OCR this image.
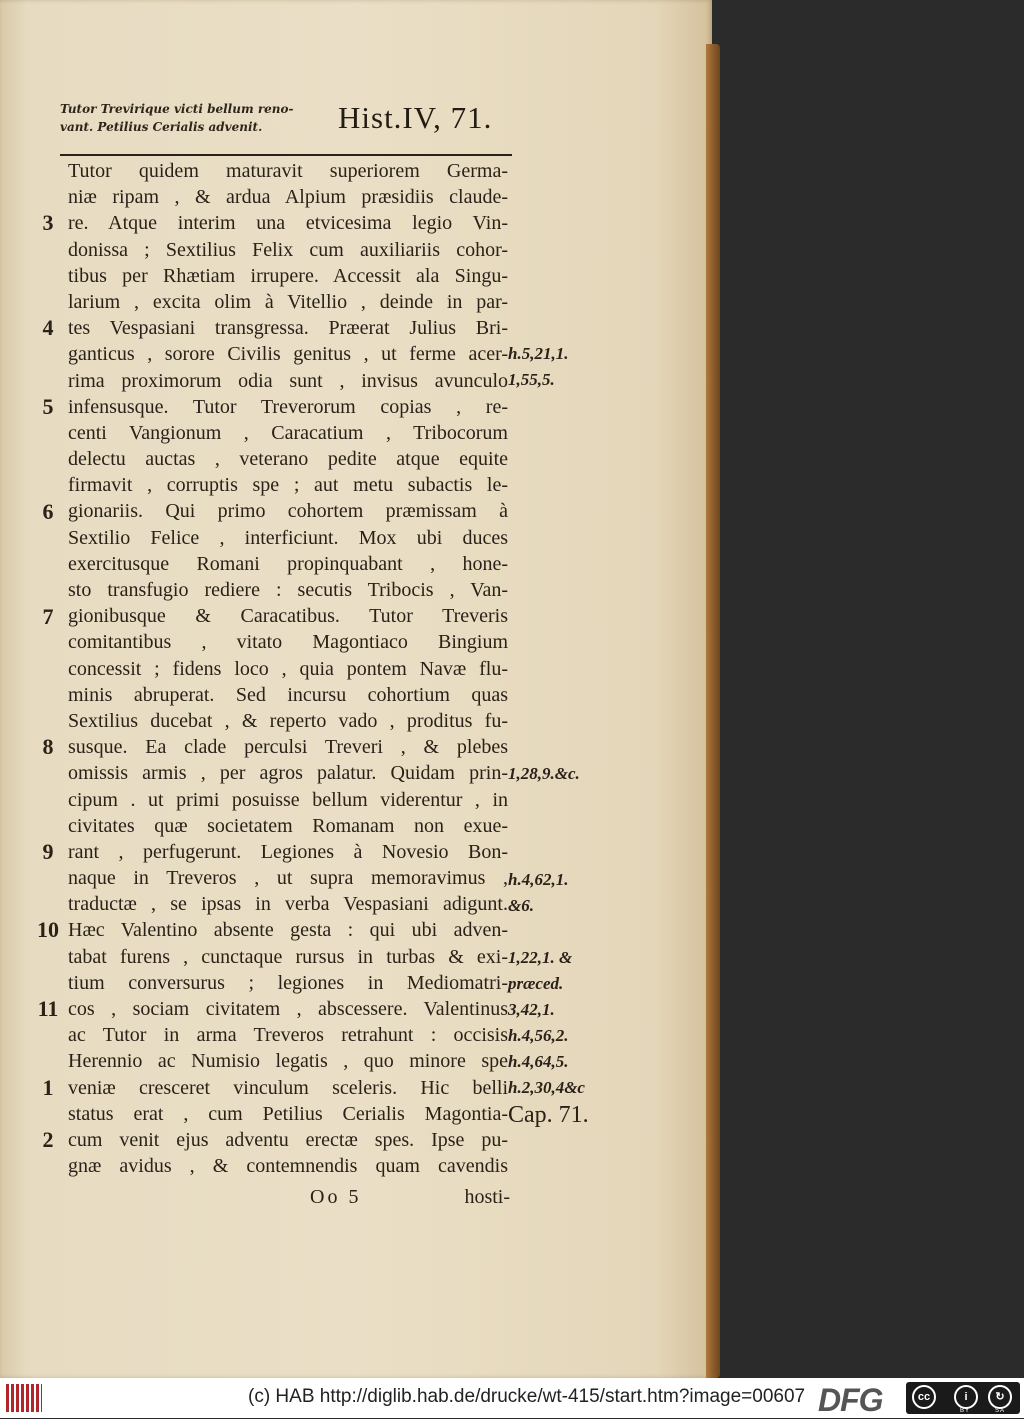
Tutor Trevirique victi bellum reno-
vant. Petilius Cerialis advenit.	Hist.IV, 71.
3
4
5
6
7
8
9
10
11
1
2
Tutor quidem maturavit superiorem Germa-
niæ ripam , & ardua Alpium præsidiis claude-
re. Atque interim una etvicesima legio Vin-
donissa ; Sextilius Felix cum auxiliariis cohor-
tibus per Rhætiam irrupere. Accessit ala Singu-
larium , excita olim à Vitellio , deinde in par-
tes Vespasiani transgressa. Præerat Julius Bri-
ganticus , sorore Civilis genitus , ut ferme acer-
rima proximorum odia sunt , invisus avunculo
infensusque. Tutor Treverorum copias , re-
centi Vangionum , Caracatium , Tribocorum
delectu auctas , veterano pedite atque equite
firmavit , corruptis spe ; aut metu subactis le-
gionariis. Qui primo cohortem præmissam à
Sextilio Felice , interficiunt. Mox ubi duces
exercitusque Romani propinquabant , hone-
sto transfugio rediere : secutis Tribocis , Van-
gionibusque & Caracatibus. Tutor Treveris
comitantibus , vitato Magontiaco Bingium
concessit ; fidens loco , quia pontem Navæ flu-
minis abruperat. Sed incursu cohortium quas
Sextilius ducebat , & reperto vado , proditus fu-
susque. Ea clade perculsi Treveri , & plebes
omissis armis , per agros palatur. Quidam prin-
cipum . ut primi posuisse bellum viderentur , in
civitates quæ societatem Romanam non exue-
rant , perfugerunt. Legiones à Novesio Bon-
naque in Treveros , ut supra memoravimus ,
traductæ , se ipsas in verba Vespasiani adigunt.
Hæc Valentino absente gesta : qui ubi adven-
tabat furens , cunctaque rursus in turbas & exi-
tium conversurus ; legiones in Mediomatri-
cos , sociam civitatem , abscessere. Valentinus
ac Tutor in arma Treveros retrahunt : occisis
Herennio ac Numisio legatis , quo minore spe
veniæ cresceret vinculum sceleris. Hic belli
status erat , cum Petilius Cerialis Magontia-
cum venit ejus adventu erectæ spes. Ipse pu-
gnæ avidus , & contemnendis quam cavendis
h.5,21,1.
1,55,5.
1,28,9.&c.
h.4,62,1.
&6.
1,22,1. &
præced.
3,42,1.
h.4,56,2.
h.4,64,5.
h.2,30,4&c
Cap. 71.
Oo 5	hosti-
(c) HAB http://diglib.hab.de/drucke/wt-415/start.htm?image=00607 DFG	cc	i	↻
BY	SA
